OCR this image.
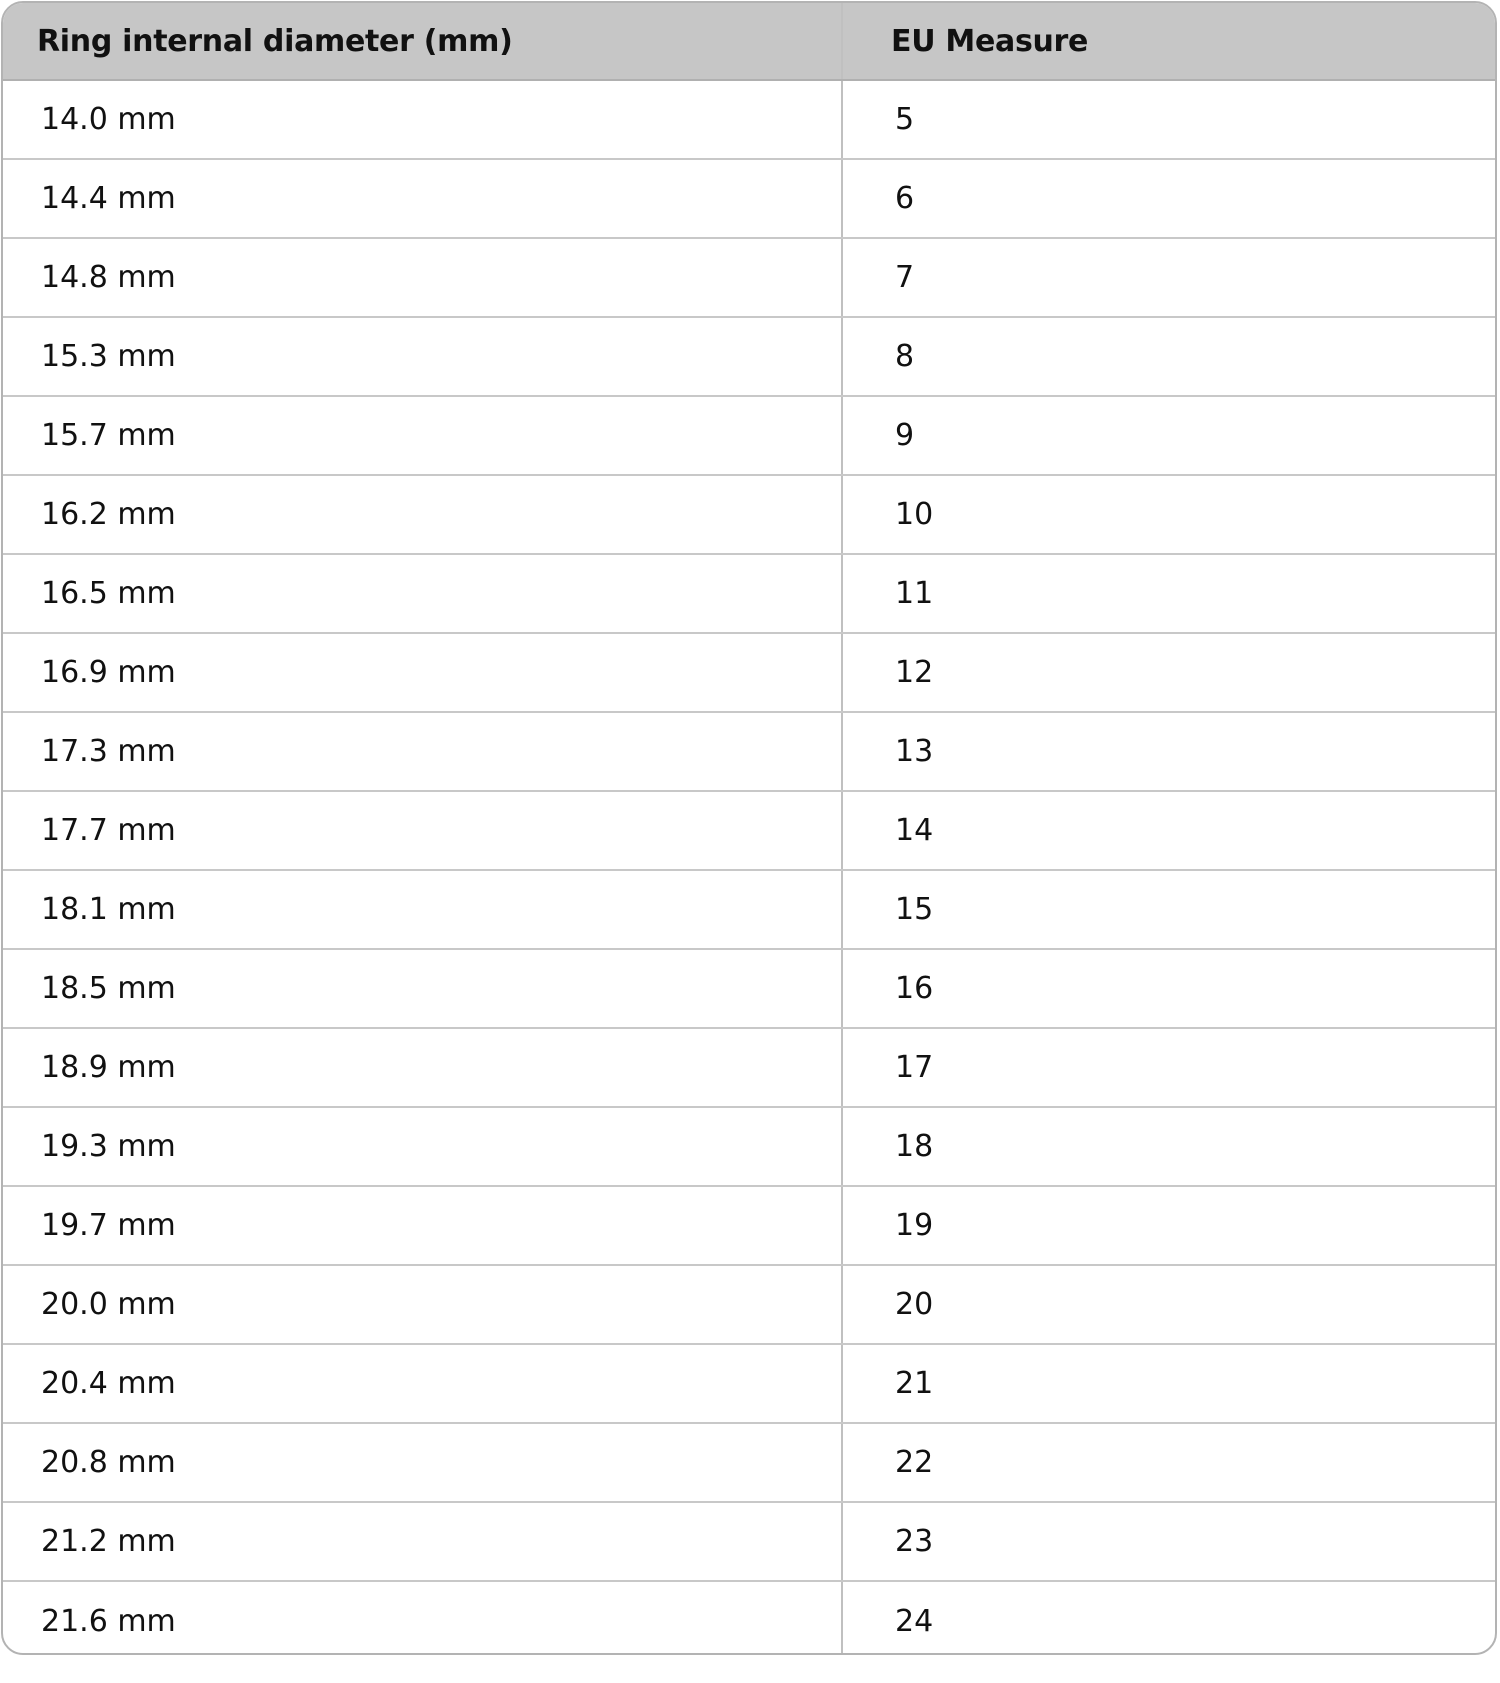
Ring internal diameter (mm)	EU Measure
14.0 mm	5
14.4 mm	6
14.8 mm	7
15.3 mm	8
15.7 mm	9
16.2 mm	10
16.5 mm	11
16.9 mm	12
17.3 mm	13
17.7 mm	14
18.1 mm	15
18.5 mm	16
18.9 mm	17
19.3 mm	18
19.7 mm	19
20.0 mm	20
20.4 mm	21
20.8 mm	22
21.2 mm	23
21.6 mm	24
